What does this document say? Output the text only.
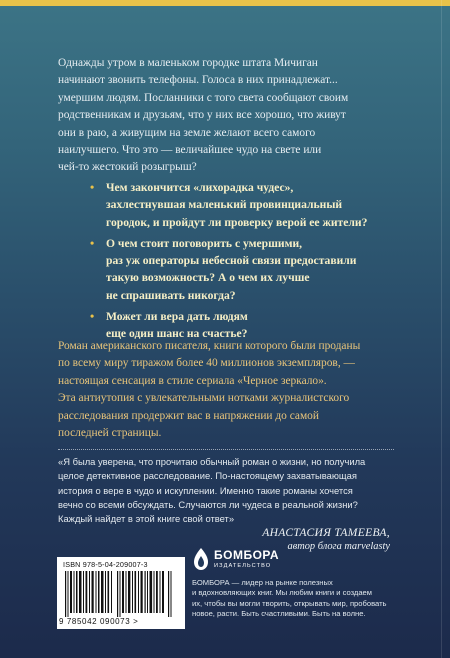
Однажды утром в маленьком городке штата Мичиган

начинают звонить телефоны. Голоса в них принадлежат...

умершим людям. Посланники с того света сообщают своим

родственникам и друзьям, что у них все хорошо, что живут

они в раю, а живущим на земле желают всего самого

наилучшего. Что это — величайшее чудо на свете или

чей-то жестокий розыгрыш?

• Чем закончится «лихорадка чудес»,
захлестнувшая маленький провинциальный
городок, и пройдут ли проверку верой ее жители?
• О чем стоит поговорить с умершими,
раз уж операторы небесной связи предоставили
такую возможность? А о чем их лучше
не спрашивать никогда?
• Может ли вера дать людям
еще один шанс на счастье?

Роман американского писателя, книги которого были проданы

по всему миру тиражом более 40 миллионов экземпляров, —

настоящая сенсация в стиле сериала «Черное зеркало».

Эта антиутопия с увлекательными нотками журналистского

расследования продержит вас в напряжении до самой

последней страницы.

«Я была уверена, что прочитаю обычный роман о жизни, но получила
целое детективное расследование. По-настоящему захватывающая
история о вере в чудо и искуплении. Именно такие романы хочется
вечно со всеми обсуждать. Случаются ли чудеса в реальной жизни?
Каждый найдет в этой книге свой ответ»
АНАСТАСИЯ ТАМЕЕВА,
автор блога marvelasty
ISBN 978-5-04-209007-3
9 785042 090073 >
БОМБОРА
ИЗДАТЕЛЬСТВО
БОМБОРА — лидер на рынке полезных
и вдохновляющих книг. Мы любим книги и создаем
их, чтобы вы могли творить, открывать мир, пробовать
новое, расти. Быть счастливыми. Быть на волне.
